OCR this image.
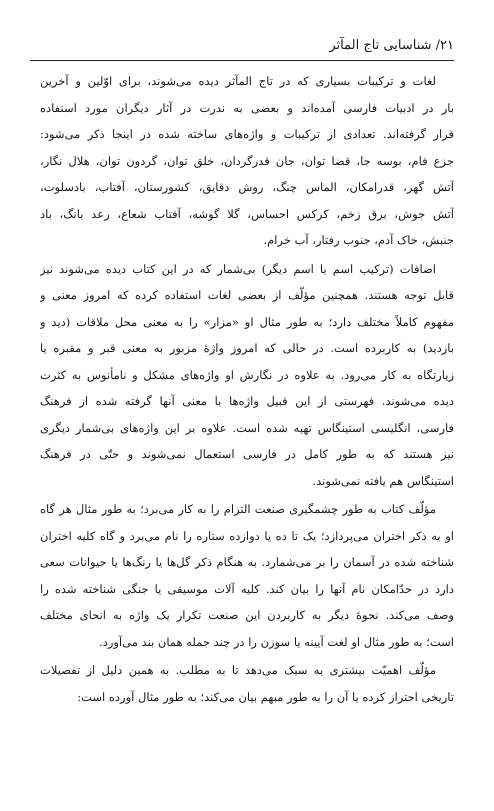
۲۱/ شناسایی تاج المآثر
لغات و ترکیبات بسیاری که در تاج المآثر دیده می‌شوند، برای اوّلین و آخرین
بار در ادبیات فارسی آمده‌اند و بعضی به ندرت در آثار دیگران مورد استفاده
قرار گرفته‌اند. تعدادی از ترکیبات و واژه‌های ساخته شده در اینجا ذکر می‌شود:
جزع فام، بوسه جا، قضا توان، جان قدرگردان، خلق توان، گردون توان، هلال نگار،
آتش گهر، قدرامکان، الماس چنگ، روش دقایق، کشورستان، آفتاب، بادسلوت،
آتش جوش، برق زخم، کرکس احساس، گلا گوشه، آفتاب شعاع، رعد بانگ، باد
جنبش، خاک آدم، جنوب رفتار، آب خرام.
اضافات (ترکیب اسم با اسم دیگر) بی‌شمار که در این کتاب دیده می‌شوند نیز
قابل توجه هستند. همچنین مؤلّف از بعضی لغات استفاده کرده که امروز معنی و
مفهوم کاملاً مختلف دارد؛ به طور مثال او «مزار» را به معنی محل ملاقات (دید و
بازدید) به کاربرده است. در حالی که امروز واژهٔ مزبور به معنی قبر و مقبره یا
زیارتگاه به کار می‌رود. به علاوه در نگارش او واژه‌های مشکل و نامأنوس به کثرت
دیده می‌شوند. فهرستی از این قبیل واژه‌ها با معنی آنها گرفته شده از فرهنگ
فارسی، انگلیسی استینگاس تهیه شده است. علاوه بر این واژه‌های بی‌شمار دیگری
نیز هستند که به طور کامل در فارسی استعمال نمی‌شوند و حتّی در فرهنگ
استینگاس هم یافته نمی‌شوند.
مؤلّف کتاب به طور چشمگیری صنعت التزام را به کار می‌برد؛ به طور مثال هر گاه
او به ذکر اختران می‌پردازد؛ یک تا ده یا دوازده ستاره را نام می‌برد و گاه کلیه اختران
شناخته شده در آسمان را بر می‌شمارد. به هنگام ذکر گل‌ها یا رنگ‌ها یا حیوانات سعی
دارد در حدّامکان نام آنها را بیان کند. کلیه آلات موسیقی یا جنگی شناخته شده را
وصف می‌کند. نحوهٔ دیگر به کاربردن این صنعت تکرار یک واژه به انحای مختلف
است؛ به طور مثال او لغت آیینه یا سوزن را در چند جمله همان بند می‌آورد.
مؤلّف اهمیّت بیشتری به سبک می‌دهد تا به مطلب. به همین دلیل از تفصیلات
تاریخی احتراز کرده یا آن را به طور مبهم بیان می‌کند؛ به طور مثال آورده است:
